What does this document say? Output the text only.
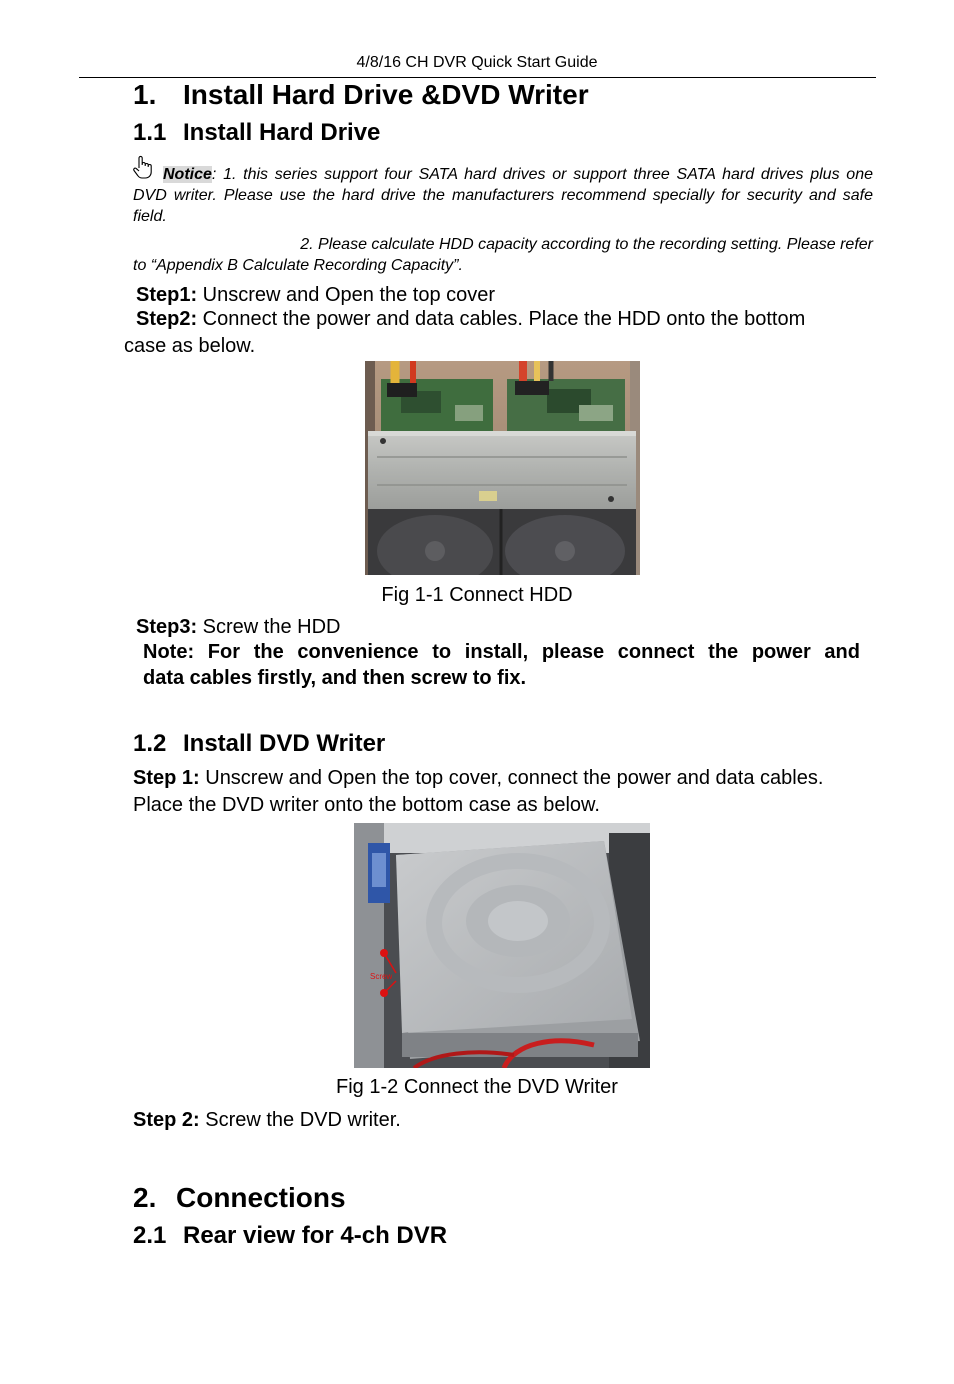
4/8/16 CH DVR Quick Start Guide
1. Install Hard Drive &DVD Writer
1.1 Install Hard Drive
Notice: 1. this series support four SATA hard drives or support three SATA hard drives plus one DVD writer. Please use the hard drive the manufacturers recommend specially for security and safe field.
2. Please calculate HDD capacity according to the recording setting. Please refer
to “Appendix B Calculate Recording Capacity”.
Step1: Unscrew and Open the top cover
Step2: Connect the power and data cables. Place the HDD onto the bottom
case as below.
Fig 1-1 Connect HDD
Step3: Screw the HDD
Note: For the convenience to install, please connect the power and
data cables firstly, and then screw to fix.
1.2 Install DVD Writer
Step 1: Unscrew and Open the top cover, connect the power and data cables.
Place the DVD writer onto the bottom case as below.
Screw
Fig 1-2 Connect the DVD Writer
Step 2: Screw the DVD writer.
2. Connections
2.1 Rear view for 4-ch DVR
